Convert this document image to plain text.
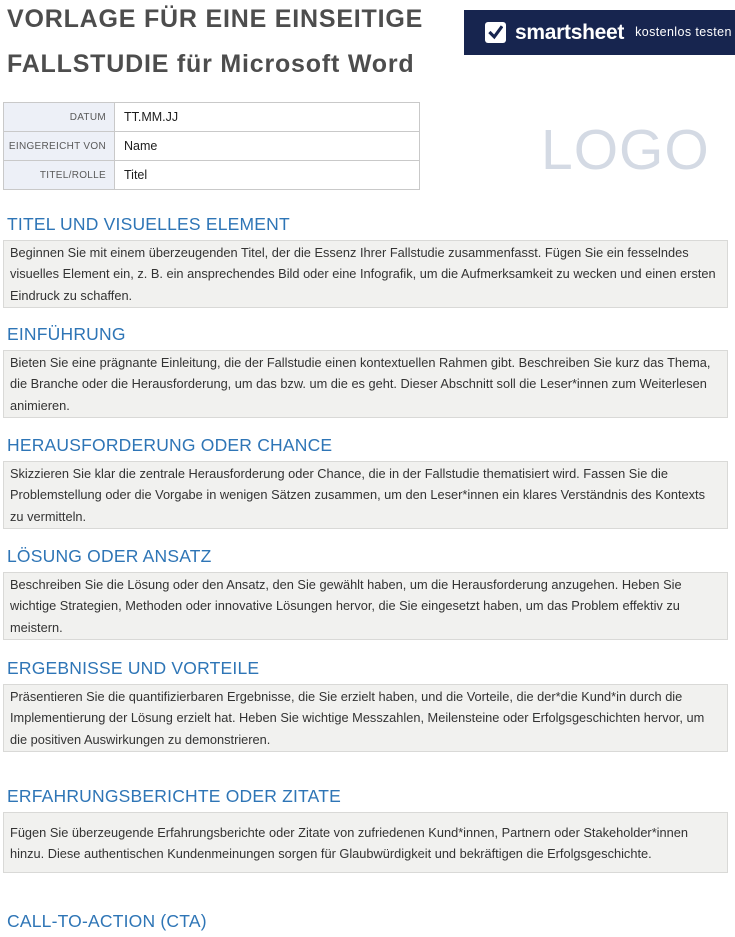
VORLAGE FÜR EINE EINSEITIGE
FALLSTUDIE für Microsoft Word
smartsheet kostenlos testen
DATUM	TT.MM.JJ
EINGEREICHT VON	Name
TITEL/ROLLE	Titel	LOGO
TITEL UND VISUELLES ELEMENT
Beginnen Sie mit einem überzeugenden Titel, der die Essenz Ihrer Fallstudie zusammenfasst. Fügen Sie ein fesselndes visuelles Element ein, z. B. ein ansprechendes Bild oder eine Infografik, um die Aufmerksamkeit zu wecken und einen ersten Eindruck zu schaffen.
EINFÜHRUNG
Bieten Sie eine prägnante Einleitung, die der Fallstudie einen kontextuellen Rahmen gibt. Beschreiben Sie kurz das Thema, die Branche oder die Herausforderung, um das bzw. um die es geht. Dieser Abschnitt soll die Leser*innen zum Weiterlesen animieren.
HERAUSFORDERUNG ODER CHANCE
Skizzieren Sie klar die zentrale Herausforderung oder Chance, die in der Fallstudie thematisiert wird. Fassen Sie die Problemstellung oder die Vorgabe in wenigen Sätzen zusammen, um den Leser*innen ein klares Verständnis des Kontexts zu vermitteln.
LÖSUNG ODER ANSATZ
Beschreiben Sie die Lösung oder den Ansatz, den Sie gewählt haben, um die Herausforderung anzugehen. Heben Sie wichtige Strategien, Methoden oder innovative Lösungen hervor, die Sie eingesetzt haben, um das Problem effektiv zu meistern.
ERGEBNISSE UND VORTEILE
Präsentieren Sie die quantifizierbaren Ergebnisse, die Sie erzielt haben, und die Vorteile, die der*die Kund*in durch die Implementierung der Lösung erzielt hat. Heben Sie wichtige Messzahlen, Meilensteine oder Erfolgsgeschichten hervor, um die positiven Auswirkungen zu demonstrieren.
ERFAHRUNGSBERICHTE ODER ZITATE
Fügen Sie überzeugende Erfahrungsberichte oder Zitate von zufriedenen Kund*innen, Partnern oder Stakeholder*innen hinzu. Diese authentischen Kundenmeinungen sorgen für Glaubwürdigkeit und bekräftigen die Erfolgsgeschichte.
CALL-TO-ACTION (CTA)
